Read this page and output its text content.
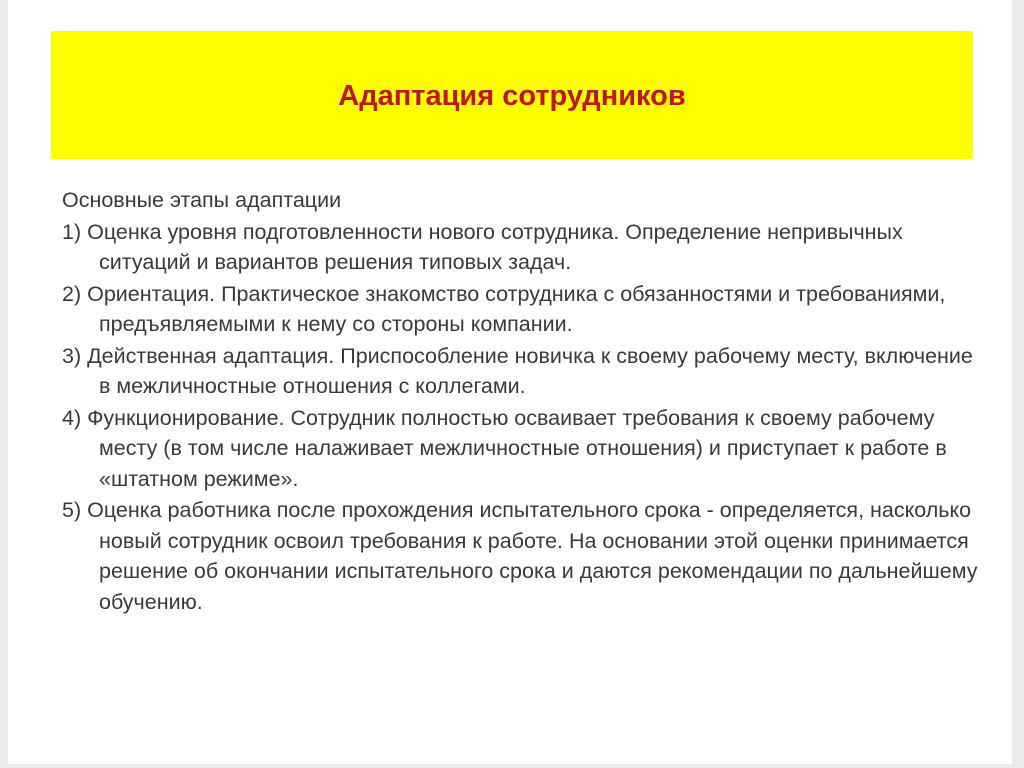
Адаптация сотрудников

Основные этапы адаптации

1) Оценка уровня подготовленности нового сотрудника. Определение непривычных ситуаций и вариантов решения типовых задач.

2) Ориентация. Практическое знакомство сотрудника с обязанностями и требованиями, предъявляемыми к нему со стороны компании.

3) Действенная адаптация. Приспособление новичка к своему рабочему месту, включение в межличностные отношения с коллегами.

4) Функционирование. Сотрудник полностью осваивает требования к своему рабочему месту (в том числе налаживает межличностные отношения) и приступает к работе в «штатном режиме».

5) Оценка работника после прохождения испытательного срока - определяется, насколько новый сотрудник освоил требования к работе. На основании этой оценки принимается решение об окончании испытательного срока и даются рекомендации по дальнейшему обучению.
